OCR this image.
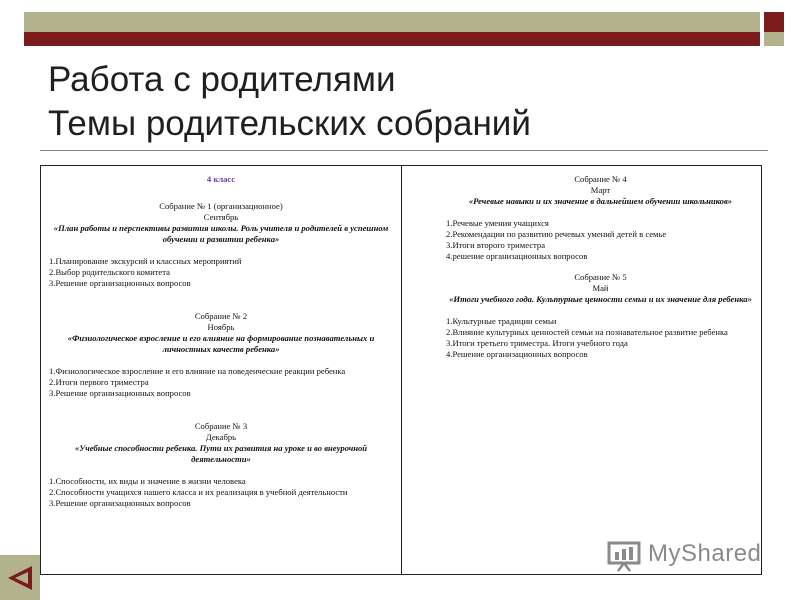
Работа с родителями
Темы родительских собраний
4 класс
Собрание № 1 (организационное)
Сентябрь
«План работы и перспективы развития школы. Роль учителя и родителей в успешном обучении и развитии ребенка»
1.Планирование экскурсий и классных мероприятий
2.Выбор родительского комитета
3.Решение организационных вопросов
Собрание № 2
Ноябрь
«Физиологическое взросление и его влияние на формирование познавательных и личностных качеств ребенка»
1.Физиологическое взросление и его влияние на поведенческие реакции ребенка
2.Итоги первого триместра
3.Решение организационных вопросов
Собрание № 3
Декабрь
«Учебные способности ребенка. Пути их развития на уроке и во внеурочной деятельности»
1.Способности, их виды и значение в жизни человека
2.Способности учащихся нашего класса и их реализация в учебной деятельности
3.Решение организационных вопросов
Собрание № 4
Март
«Речевые навыки и их значение в дальнейшем обучении школьников»
1.Речевые умения учащихся
2.Рекомендации по развитию речевых умений детей в семье
3.Итоги второго триместра
4.решение организационных вопросов
Собрание № 5
Май
«Итоги учебного года. Культурные ценности семьи и их значение для ребенка»
1.Культурные традиции семьи
2.Влияние культурных ценностей семьи на познавательное развитие ребенка
3.Итоги третьего триместра. Итоги учебного года
4.Решение организационных вопросов
MyShared
